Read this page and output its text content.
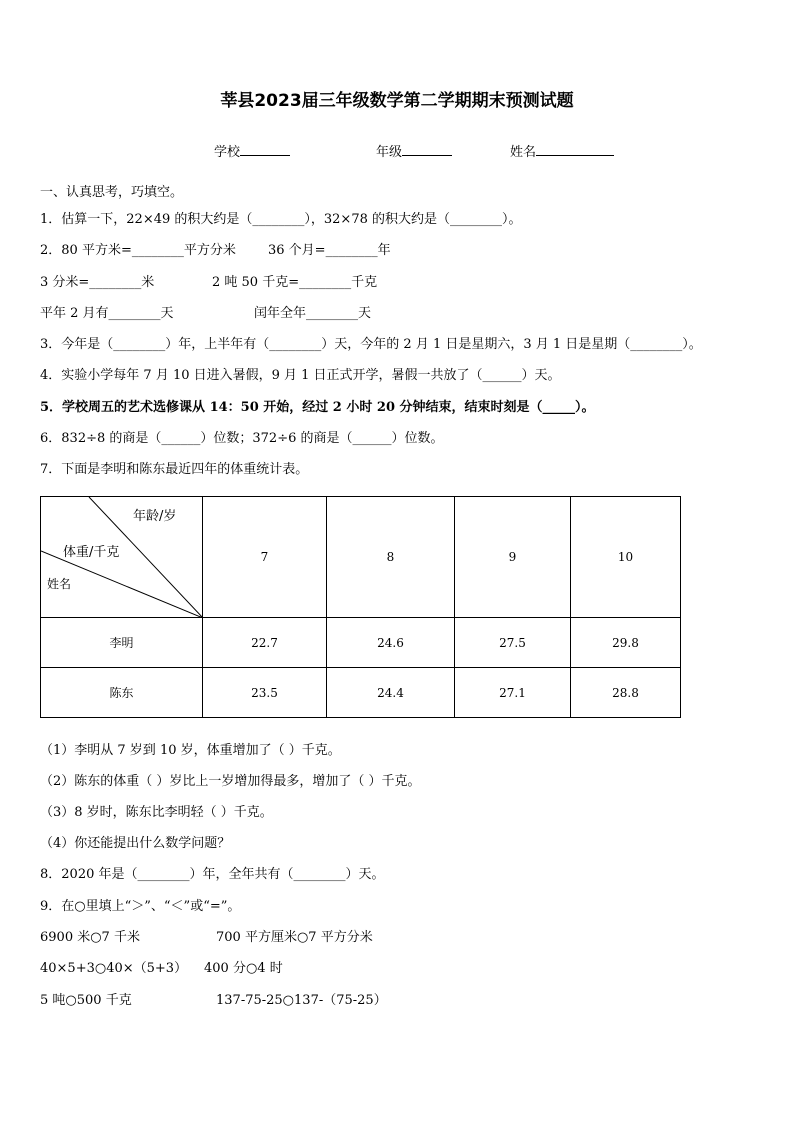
莘县2023届三年级数学第二学期期末预测试题
学校	年级	姓名
一、认真思考，巧填空。
1．估算一下，22×49 的积大约是（________），32×78 的积大约是（________）。
2．80 平方米=________平方分米 36 个月=________年
3 分米=________米	2 吨 50 千克=________千克
平年 2 月有________天	闰年全年________天
3．今年是（________）年，上半年有（________）天，今年的 2 月 1 日是星期六，3 月 1 日是星期（________）。
4．实验小学每年 7 月 10 日进入暑假，9 月 1 日正式开学，暑假一共放了（______）天。
5．学校周五的艺术选修课从 14：50 开始，经过 2 小时 20 分钟结束，结束时刻是（_____）。
6．832÷8 的商是（______）位数；372÷6 的商是（______）位数。
7．下面是李明和陈东最近四年的体重统计表。
年龄/岁
体重/千克
姓名	7	8	9	10
李明	22.7	24.6	27.5	29.8
陈东	23.5	24.4	27.1	28.8
（1）李明从 7 岁到 10 岁，体重增加了（ ）千克。
（2）陈东的体重（ ）岁比上一岁增加得最多，增加了（ ）千克。
（3）8 岁时，陈东比李明轻（ ）千克。
（4）你还能提出什么数学问题？
8．2020 年是（________）年，全年共有（________）天。
9．在○里填上“＞”、“＜”或“=”。
6900 米○7 千米	700 平方厘米○7 平方分米
40×5+3○40×（5+3） 400 分○4 时
5 吨○500 千克	137-75-25○137-（75-25）
